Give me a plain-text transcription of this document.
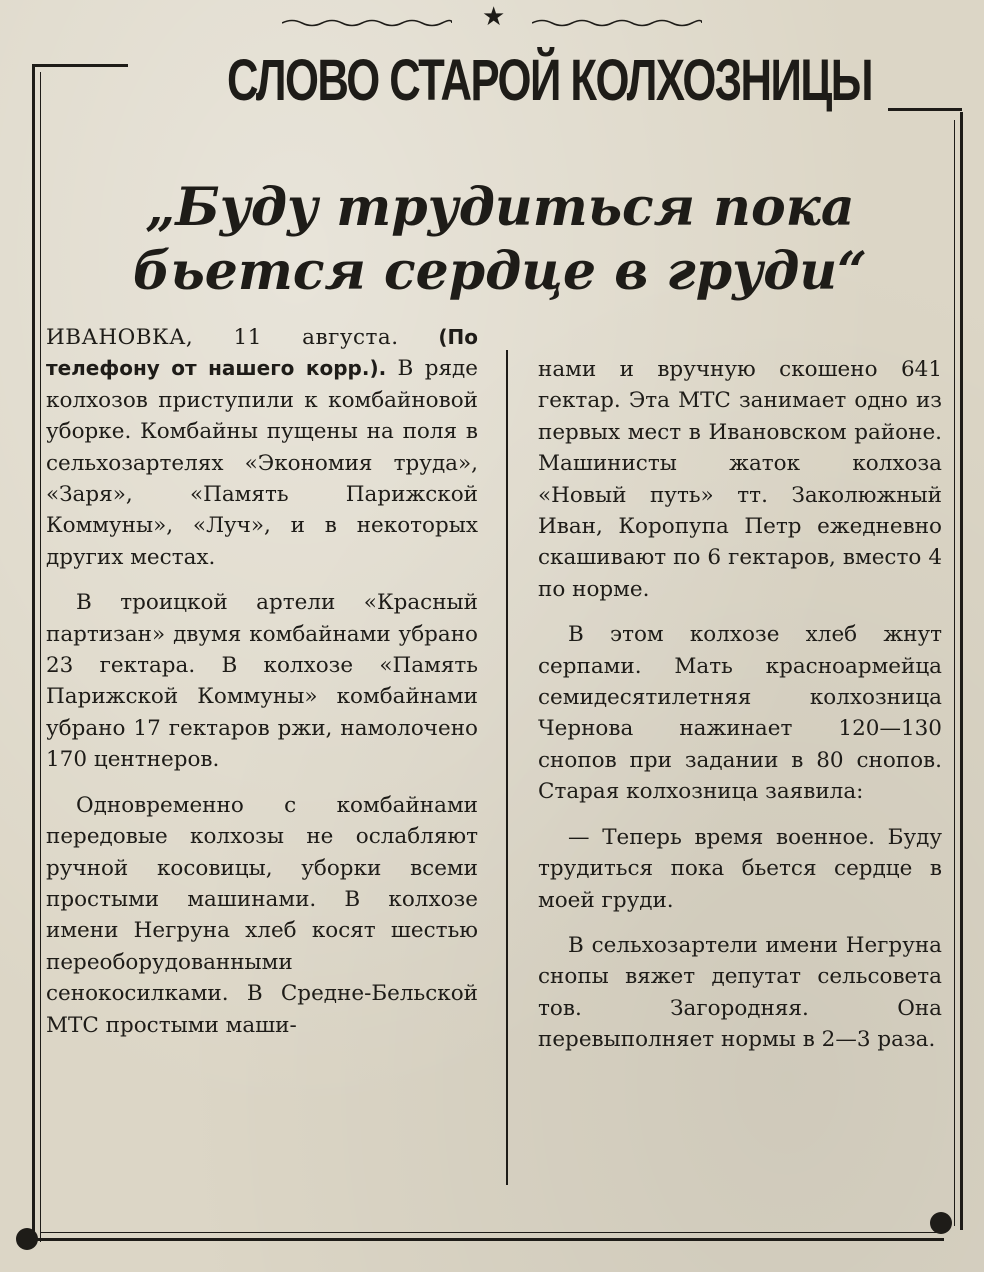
★
СЛОВО СТАРОЙ КОЛХОЗНИЦЫ
„Буду трудиться пока
бьется сердце в груди“

ИВАНОВКА, 11 августа. (По телефону от нашего корр.). В ряде колхозов приступили к комбайновой уборке. Комбайны пущены на поля в сельхозартелях «Экономия труда», «Заря», «Память Парижской Коммуны», «Луч», и в некоторых других местах.

В троицкой артели «Красный партизан» двумя комбайнами убрано 23 гектара. В колхозе «Память Парижской Коммуны» комбайнами убрано 17 гектаров ржи, намолочено 170 центнеров.

Одновременно с комбайнами передовые колхозы не ослабляют ручной косовицы, уборки всеми простыми машинами. В колхозе имени Негруна хлеб косят шестью переоборудованными сенокосилками. В Средне-Бельской МТС простыми маши-

нами и вручную скошено 641 гектар. Эта МТС занимает одно из первых мест в Ивановском районе. Машинисты жаток колхоза «Новый путь» тт. Заколюжный Иван, Коропупа Петр ежедневно скашивают по 6 гектаров, вместо 4 по норме.

В этом колхозе хлеб жнут серпами. Мать красноармейца семидесятилетняя колхозница Чернова нажинает 120—130 снопов при задании в 80 снопов. Старая колхозница заявила:

— Теперь время военное. Буду трудиться пока бьется сердце в моей груди.

В сельхозартели имени Негруна снопы вяжет депутат сельсовета тов. Загородняя. Она перевыполняет нормы в 2—3 раза.
